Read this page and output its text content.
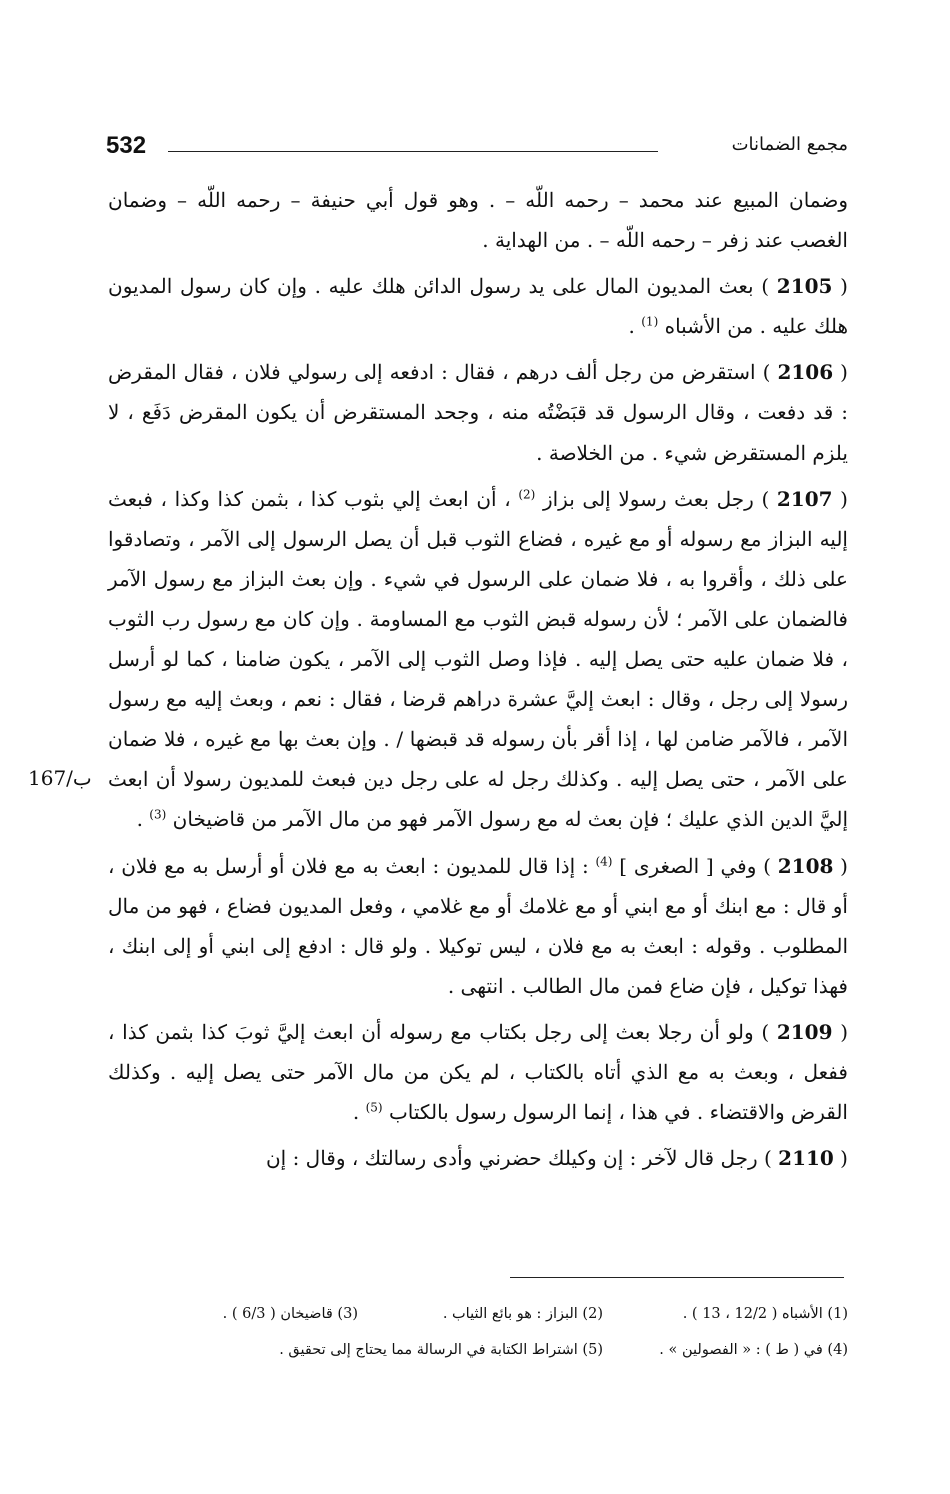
532	مجمع الضمانات

وضمان المبيع عند محمد – رحمه اللّه – . وهو قول أبي حنيفة – رحمه اللّه – وضمان الغصب عند زفر – رحمه اللّه – . من الهداية .

( 2105 ) بعث المديون المال على يد رسول الدائن هلك عليه . وإن كان رسول المديون هلك عليه . من الأشباه $^{(1)}$ .

( 2106 ) استقرض من رجل ألف درهم ، فقال : ادفعه إلى رسولي فلان ، فقال المقرض : قد دفعت ، وقال الرسول قد قبَضْتُه منه ، وجحد المستقرض أن يكون المقرض دَفَع ، لا يلزم المستقرض شيء . من الخلاصة .

( 2107 ) رجل بعث رسولا إلى بزاز $^{(2)}$ ، أن ابعث إلي بثوب كذا ، بثمن كذا وكذا ، فبعث إليه البزاز مع رسوله أو مع غيره ، فضاع الثوب قبل أن يصل الرسول إلى الآمر ، وتصادقوا على ذلك ، وأقروا به ، فلا ضمان على الرسول في شيء . وإن بعث البزاز مع رسول الآمر فالضمان على الآمر ؛ لأن رسوله قبض الثوب مع المساومة . وإن كان مع رسول رب الثوب ، فلا ضمان عليه حتى يصل إليه . فإذا وصل الثوب إلى الآمر ، يكون ضامنا ، كما لو أرسل رسولا إلى رجل ، وقال : ابعث إليَّ عشرة دراهم قرضا ، فقال : نعم ، وبعث إليه مع رسول الآمر ، فالآمر ضامن لها ، إذا أقر بأن رسوله قد قبضها / . وإن بعث بها مع غيره ، فلا ضمان على الآمر ، حتى يصل إليه . وكذلك رجل له على رجل دين فبعث للمديون رسولا أن ابعث إليَّ الدين الذي عليك ؛ فإن بعث له مع رسول الآمر فهو من مال الآمر من قاضيخان $^{(3)}$ .

( 2108 ) وفي [ الصغرى ] $^{(4)}$ : إذا قال للمديون : ابعث به مع فلان أو أرسل به مع فلان ، أو قال : مع ابنك أو مع ابني أو مع غلامك أو مع غلامي ، وفعل المديون فضاع ، فهو من مال المطلوب . وقوله : ابعث به مع فلان ، ليس توكيلا . ولو قال : ادفع إلى ابني أو إلى ابنك ، فهذا توكيل ، فإن ضاع فمن مال الطالب . انتهى .

( 2109 ) ولو أن رجلا بعث إلى رجل بكتاب مع رسوله أن ابعث إليَّ ثوبَ كذا بثمن كذا ، ففعل ، وبعث به مع الذي أتاه بالكتاب ، لم يكن من مال الآمر حتى يصل إليه . وكذلك القرض والاقتضاء . في هذا ، إنما الرسول رسول بالكتاب $^{(5)}$ .

( 2110 ) رجل قال لآخر : إن وكيلك حضرني وأدى رسالتك ، وقال : إن

167/ب
(1) الأشباه ( 12/2 ، 13 ) .
(2) البزاز : هو بائع الثياب .
(3) قاضيخان ( 6/3 ) .
(4) في ( ط ) : « الفصولين » .
(5) اشتراط الكتابة في الرسالة مما يحتاج إلى تحقيق .
